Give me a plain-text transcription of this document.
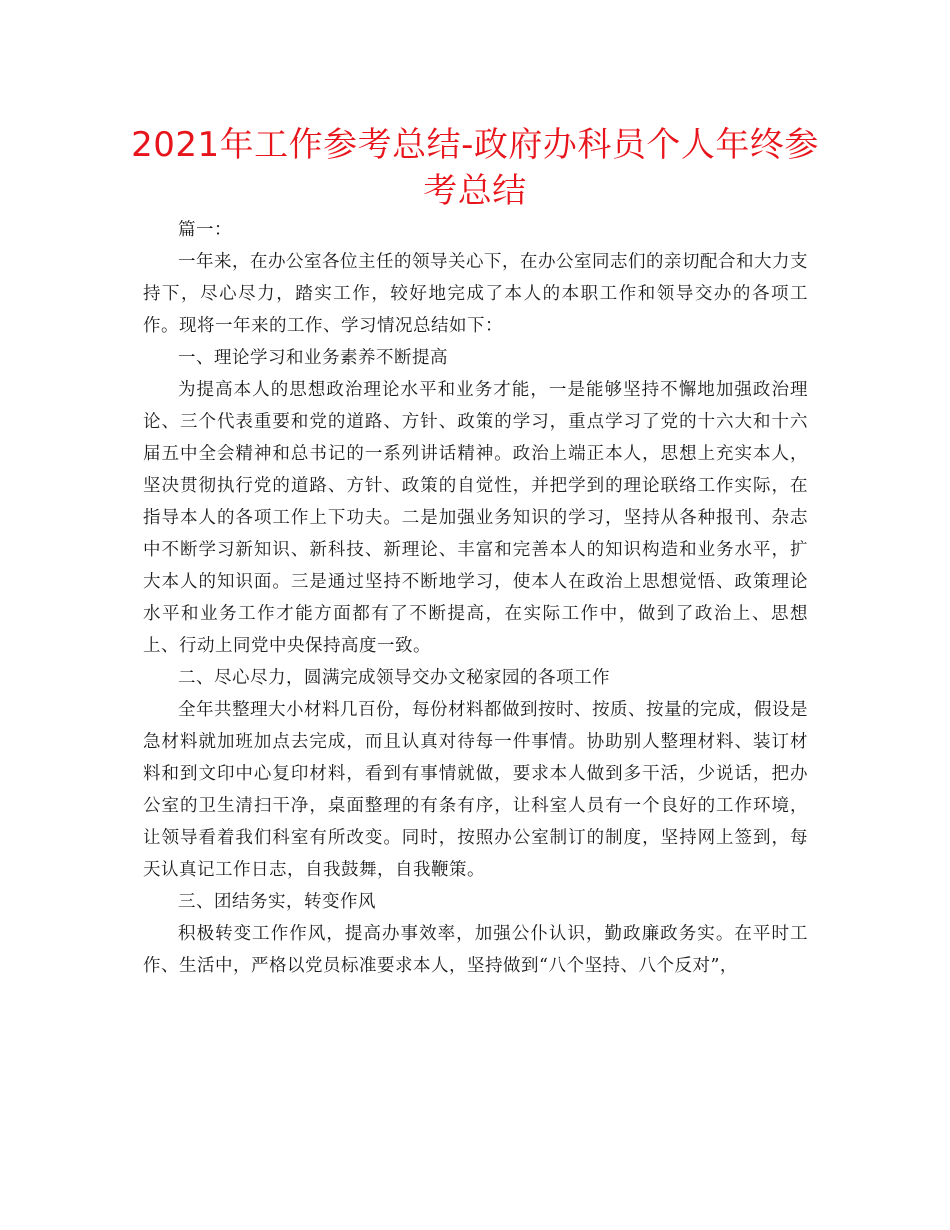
2021年工作参考总结-政府办科员个人年终参考总结

篇一：

一年来，在办公室各位主任的领导关心下，在办公室同志们的亲切配合和大力支持下，尽心尽力，踏实工作，较好地完成了本人的本职工作和领导交办的各项工作。现将一年来的工作、学习情况总结如下：

一、理论学习和业务素养不断提高

为提高本人的思想政治理论水平和业务才能，一是能够坚持不懈地加强政治理论、三个代表重要和党的道路、方针、政策的学习，重点学习了党的十六大和十六届五中全会精神和总书记的一系列讲话精神。政治上端正本人，思想上充实本人，坚决贯彻执行党的道路、方针、政策的自觉性，并把学到的理论联络工作实际，在指导本人的各项工作上下功夫。二是加强业务知识的学习，坚持从各种报刊、杂志中不断学习新知识、新科技、新理论、丰富和完善本人的知识构造和业务水平，扩大本人的知识面。三是通过坚持不断地学习，使本人在政治上思想觉悟、政策理论水平和业务工作才能方面都有了不断提高，在实际工作中，做到了政治上、思想上、行动上同党中央保持高度一致。

二、尽心尽力，圆满完成领导交办文秘家园的各项工作

全年共整理大小材料几百份，每份材料都做到按时、按质、按量的完成，假设是急材料就加班加点去完成，而且认真对待每一件事情。协助别人整理材料、装订材料和到文印中心复印材料，看到有事情就做，要求本人做到多干活，少说话，把办公室的卫生清扫干净，桌面整理的有条有序，让科室人员有一个良好的工作环境，让领导看着我们科室有所改变。同时，按照办公室制订的制度，坚持网上签到，每天认真记工作日志，自我鼓舞，自我鞭策。

三、团结务实，转变作风

积极转变工作作风，提高办事效率，加强公仆认识，勤政廉政务实。在平时工作、生活中，严格以党员标准要求本人，坚持做到“八个坚持、八个反对”，
